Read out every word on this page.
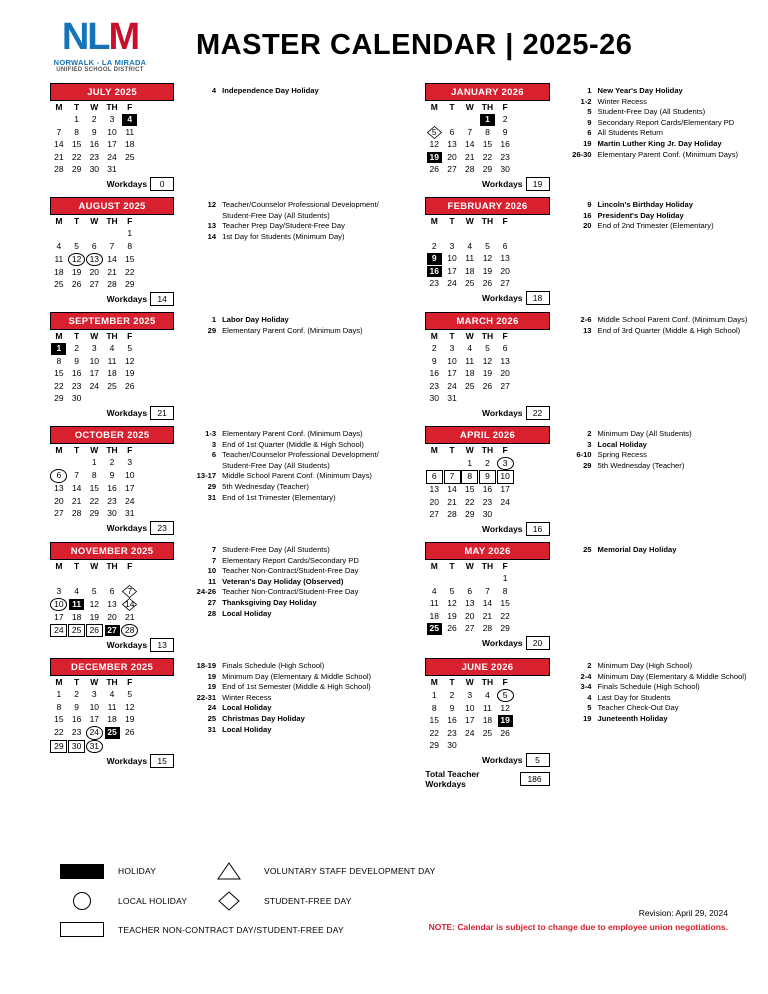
NLM
NORWALK - LA MIRADA
UNIFIED SCHOOL DISTRICT
MASTER CALENDAR | 2025-26
JULY 2025
M	T	W	TH	F		

	1	2	3	4		

7	8	9	10	11		

14	15	16	17	18		

21	22	23	24	25		

28	29	30	31			

Workdays	0
4 Independence Day Holiday	JANUARY 2026
M	T	W	TH	F		

			1	2		

5	6	7	8	9		

12	13	14	15	16		

19	20	21	22	23		

26	27	28	29	30		

Workdays	19
1 New Year's Day Holiday
1-2 Winter Recess
5 Student-Free Day (All Students)
9 Secondary Report Cards/Elementary PD
6 All Students Return
19 Martin Luther King Jr. Day Holiday
26-30 Elementary Parent Conf. (Minimum Days)
AUGUST 2025
M	T	W	TH	F		

				1		

4	5	6	7	8		

11	12	13	14	15		

18	19	20	21	22		

25	26	27	28	29		

Workdays	14
12 Teacher/Counselor Professional Development/
Student-Free Day (All Students)
13 Teacher Prep Day/Student-Free Day
14 1st Day for Students (Minimum Day)
FEBRUARY 2026
M	T	W	TH	F		

2	3	4	5	6		

9	10	11	12	13		

16	17	18	19	20		

23	24	25	26	27		

Workdays	18
9 Lincoln's Birthday Holiday
16 President's Day Holiday
20 End of 2nd Trimester (Elementary)
SEPTEMBER 2025
M	T	W	TH	F		

1	2	3	4	5		

8	9	10	11	12		

15	16	17	18	19		

22	23	24	25	26		

29	30					

Workdays	21
1 Labor Day Holiday
29 Elementary Parent Conf. (Minimum Days)
MARCH 2026
M	T	W	TH	F		

2	3	4	5	6		

9	10	11	12	13		

16	17	18	19	20		

23	24	25	26	27		

30	31					

Workdays	22
2-6 Middle School Parent Conf. (Minimum Days)
13 End of 3rd Quarter (Middle & High School)
OCTOBER 2025
M	T	W	TH	F		

		1	2	3		

6	7	8	9	10		

13	14	15	16	17		

20	21	22	23	24		

27	28	29	30	31		

Workdays	23
1-3 Elementary Parent Conf. (Minimum Days)
3 End of 1st Quarter (Middle & High School)
6 Teacher/Counselor Professional Development/
Student-Free Day (All Students)
13-17 Middle School Parent Conf. (Minimum Days)
29 5th Wednesday (Teacher)
31 End of 1st Trimester (Elementary)
APRIL 2026
M	T	W	TH	F		

		1	2	3		

6	7	8	9	10		

13	14	15	16	17		

20	21	22	23	24		

27	28	29	30			

Workdays	16
2 Minimum Day (All Students)
3 Local Holiday
6-10 Spring Recess
29 5th Wednesday (Teacher)
NOVEMBER 2025
M	T	W	TH	F		

3	4	5	6	7		

10	11	12	13	14		

17	18	19	20	21		

24	25	26	27	28		

Workdays	13
7 Student-Free Day (All Students)
7 Elementary Report Cards/Secondary PD
10 Teacher Non-Contract/Student-Free Day
11 Veteran's Day Holiday (Observed)
24-26 Teacher Non-Contract/Student-Free Day
27 Thanksgiving Day Holiday
28 Local Holiday
MAY 2026
M	T	W	TH	F		

				1		

4	5	6	7	8		

11	12	13	14	15		

18	19	20	21	22		

25	26	27	28	29		

Workdays	20
25 Memorial Day Holiday
DECEMBER 2025
M	T	W	TH	F		

1	2	3	4	5		

8	9	10	11	12		

15	16	17	18	19		

22	23	24	25	26		

29	30	31				

Workdays	15
18-19 Finals Schedule (High School)
19 Minimum Day (Elementary & Middle School)
19 End of 1st Semester (Middle & High School)
22-31 Winter Recess
24 Local Holiday
25 Christmas Day Holiday
31 Local Holiday
JUNE 2026
M	T	W	TH	F		

1	2	3	4	5		

8	9	10	11	12		

15	16	17	18	19		

22	23	24	25	26		

29	30					

Workdays	5
Total Teacher Workdays	186
2 Minimum Day (High School)
2-4 Minimum Day (Elementary & Middle School)
3-4 Finals Schedule (High School)
4 Last Day for Students
5 Teacher Check-Out Day
19 Juneteenth Holiday
HOLIDAY	VOLUNTARY STAFF DEVELOPMENT DAY
LOCAL HOLIDAY	STUDENT-FREE DAY
TEACHER NON-CONTRACT DAY/STUDENT-FREE DAY
Revision: April 29, 2024
NOTE: Calendar is subject to change due to employee union negotiations.
